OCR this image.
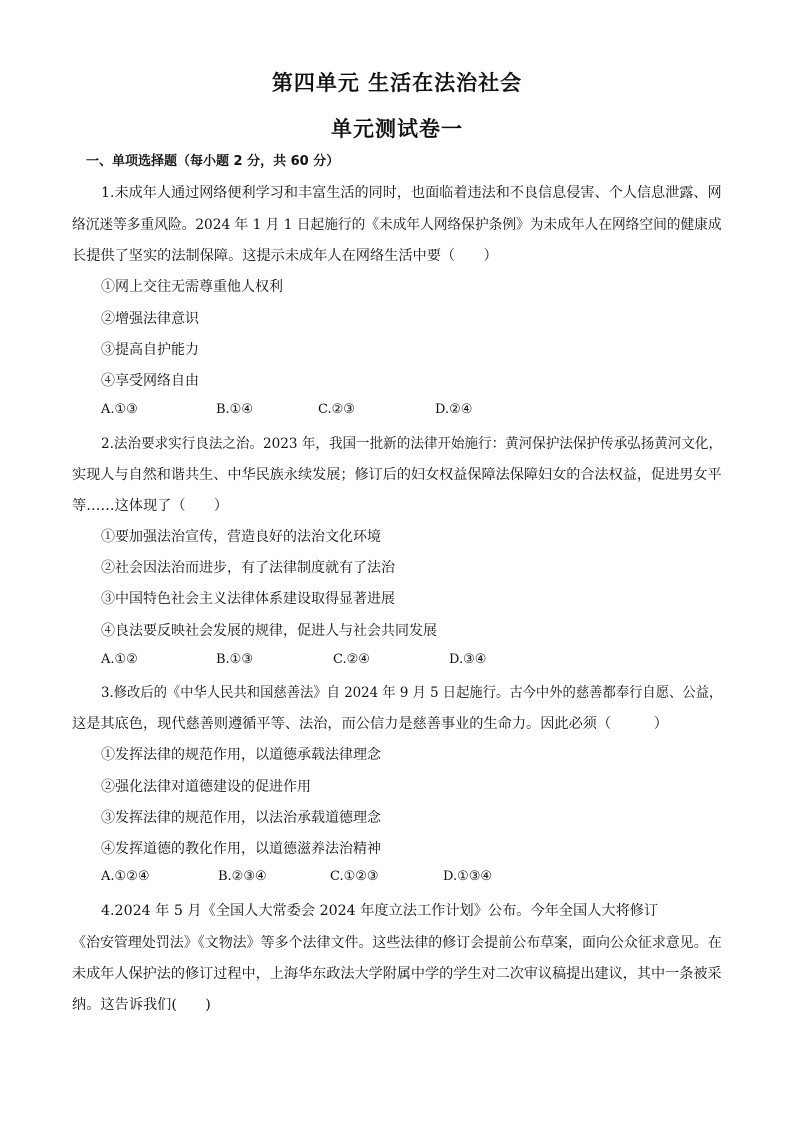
第四单元 生活在法治社会
单元测试卷一
一、单项选择题（每小题 2 分，共 60 分）
1.未成年人通过网络便利学习和丰富生活的同时，也面临着违法和不良信息侵害、个人信息泄露、网
络沉迷等多重风险。2024 年 1 月 1 日起施行的《未成年人网络保护条例》为未成年人在网络空间的健康成
长提供了坚实的法制保障。这提示未成年人在网络生活中要（　　）
①网上交往无需尊重他人权利
②增强法律意识
③提高自护能力
④享受网络自由
A.①③	B.①④	C.②③	D.②④
2.法治要求实行良法之治。2023 年，我国一批新的法律开始施行：黄河保护法保护传承弘扬黄河文化，
实现人与自然和谐共生、中华民族永续发展；修订后的妇女权益保障法保障妇女的合法权益，促进男女平
等……这体现了（　　）
①要加强法治宣传，营造良好的法治文化环境
②社会因法治而进步，有了法律制度就有了法治
③中国特色社会主义法律体系建设取得显著进展
④良法要反映社会发展的规律，促进人与社会共同发展
A.①②	B.①③	C.②④	D.③④
3.修改后的《中华人民共和国慈善法》自 2024 年 9 月 5 日起施行。古今中外的慈善都奉行自愿、公益，
这是其底色，现代慈善则遵循平等、法治，而公信力是慈善事业的生命力。因此必须（　　　）
①发挥法律的规范作用，以道德承载法律理念
②强化法律对道德建设的促进作用
③发挥法律的规范作用，以法治承载道德理念
④发挥道德的教化作用，以道德滋养法治精神
A.①②④	B.②③④	C.①②③	D.①③④
4.2024 年 5 月《全国人大常委会 2024 年度立法工作计划》公布。今年全国人大将修订
《治安管理处罚法》《文物法》等多个法律文件。这些法律的修订会提前公布草案，面向公众征求意见。在
未成年人保护法的修订过程中，上海华东政法大学附属中学的学生对二次审议稿提出建议，其中一条被采
纳。这告诉我们(　　)
